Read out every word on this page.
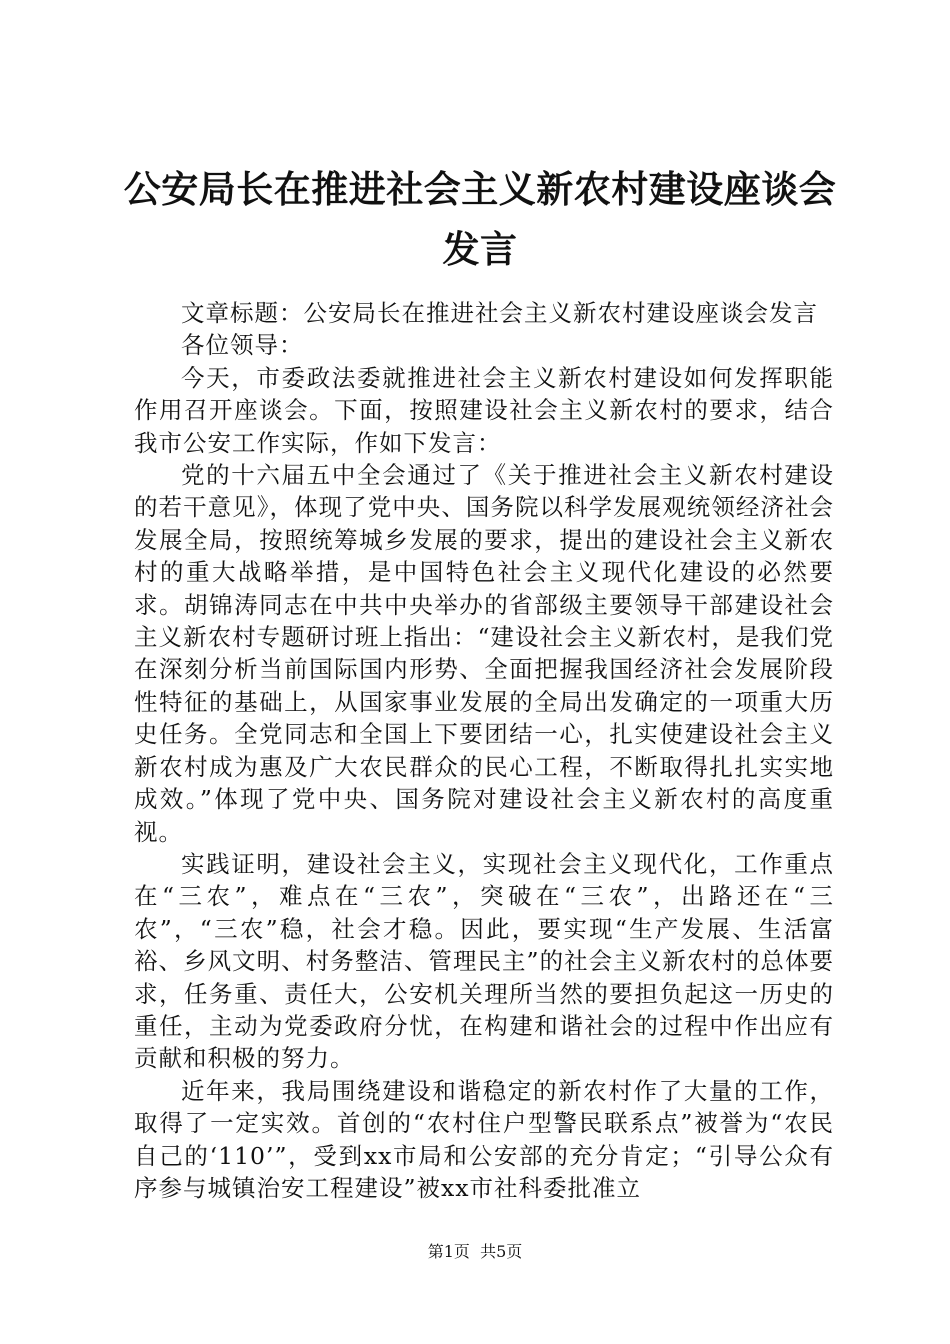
公安局长在推进社会主义新农村建设座谈会发言

文章标题：公安局长在推进社会主义新农村建设座谈会发言

各位领导：

今天，市委政法委就推进社会主义新农村建设如何发挥职能作用召开座谈会。下面，按照建设社会主义新农村的要求，结合我市公安工作实际，作如下发言：

党的十六届五中全会通过了《关于推进社会主义新农村建设的若干意见》，体现了党中央、国务院以科学发展观统领经济社会发展全局，按照统筹城乡发展的要求，提出的建设社会主义新农村的重大战略举措，是中国特色社会主义现代化建设的必然要求。胡锦涛同志在中共中央举办的省部级主要领导干部建设社会主义新农村专题研讨班上指出：“建设社会主义新农村，是我们党在深刻分析当前国际国内形势、全面把握我国经济社会发展阶段性特征的基础上，从国家事业发展的全局出发确定的一项重大历史任务。全党同志和全国上下要团结一心，扎实使建设社会主义新农村成为惠及广大农民群众的民心工程，不断取得扎扎实实地成效。”体现了党中央、国务院对建设社会主义新农村的高度重视。

实践证明，建设社会主义，实现社会主义现代化，工作重点在“三农”，难点在“三农”，突破在“三农”，出路还在“三农”，“三农”稳，社会才稳。因此，要实现“生产发展、生活富裕、乡风文明、村务整洁、管理民主”的社会主义新农村的总体要求，任务重、责任大，公安机关理所当然的要担负起这一历史的重任，主动为党委政府分忧，在构建和谐社会的过程中作出应有贡献和积极的努力。

近年来，我局围绕建设和谐稳定的新农村作了大量的工作，取得了一定实效。首创的“农村住户型警民联系点”被誉为“农民自己的‘110’”，受到xx市局和公安部的充分肯定；“引导公众有序参与城镇治安工程建设”被xx市社科委批准立

第1页  共5页
